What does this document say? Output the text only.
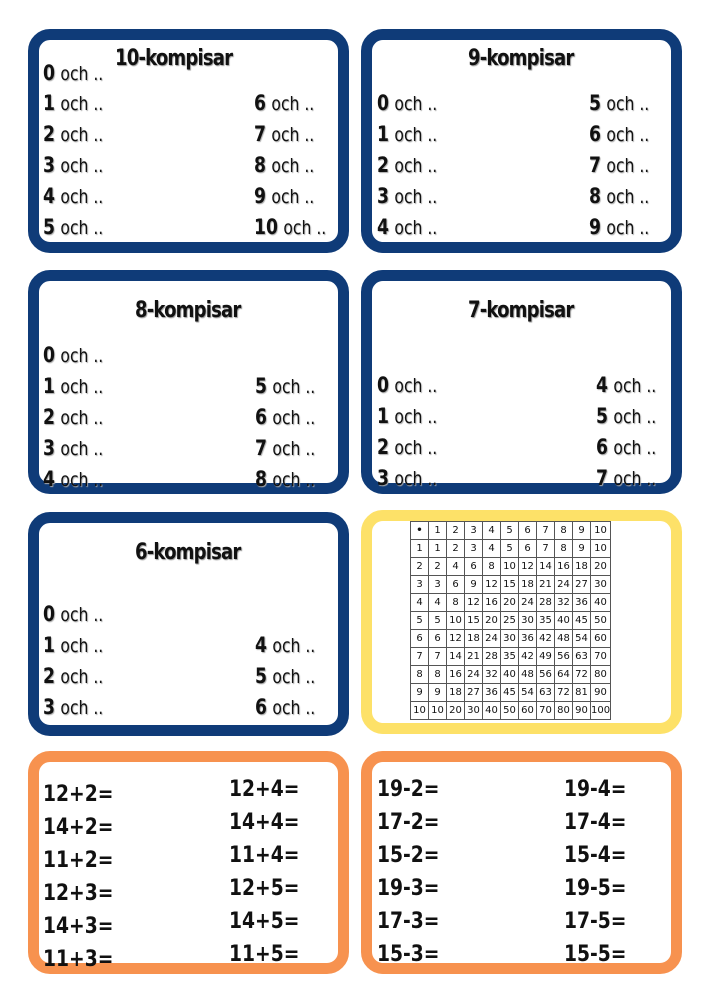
10-kompisar
0 och ..
1 och ..
2 och ..
3 och ..
4 och ..
5 och ..
6 och ..
7 och ..
8 och ..
9 och ..
10 och ..
9-kompisar
0 och ..
1 och ..
2 och ..
3 och ..
4 och ..
5 och ..
6 och ..
7 och ..
8 och ..
9 och ..
8-kompisar
0 och ..
1 och ..
2 och ..
3 och ..
4 och ..
5 och ..
6 och ..
7 och ..
8 och ..
7-kompisar
0 och ..
1 och ..
2 och ..
3 och ..
4 och ..
5 och ..
6 och ..
7 och ..
6-kompisar
0 och ..
1 och ..
2 och ..
3 och ..
4 och ..
5 och ..
6 och ..
•	1	2	3	4	5	6	7	8	9	10
1	1	2	3	4	5	6	7	8	9	10
2	2	4	6	8	10	12	14	16	18	20
3	3	6	9	12	15	18	21	24	27	30
4	4	8	12	16	20	24	28	32	36	40
5	5	10	15	20	25	30	35	40	45	50
6	6	12	18	24	30	36	42	48	54	60
7	7	14	21	28	35	42	49	56	63	70
8	8	16	24	32	40	48	56	64	72	80
9	9	18	27	36	45	54	63	72	81	90
10	10	20	30	40	50	60	70	80	90	100
12+2=
14+2=
11+2=
12+3=
14+3=
11+3=
12+4=
14+4=
11+4=
12+5=
14+5=
11+5=
19-2=
17-2=
15-2=
19-3=
17-3=
15-3=
19-4=
17-4=
15-4=
19-5=
17-5=
15-5=
